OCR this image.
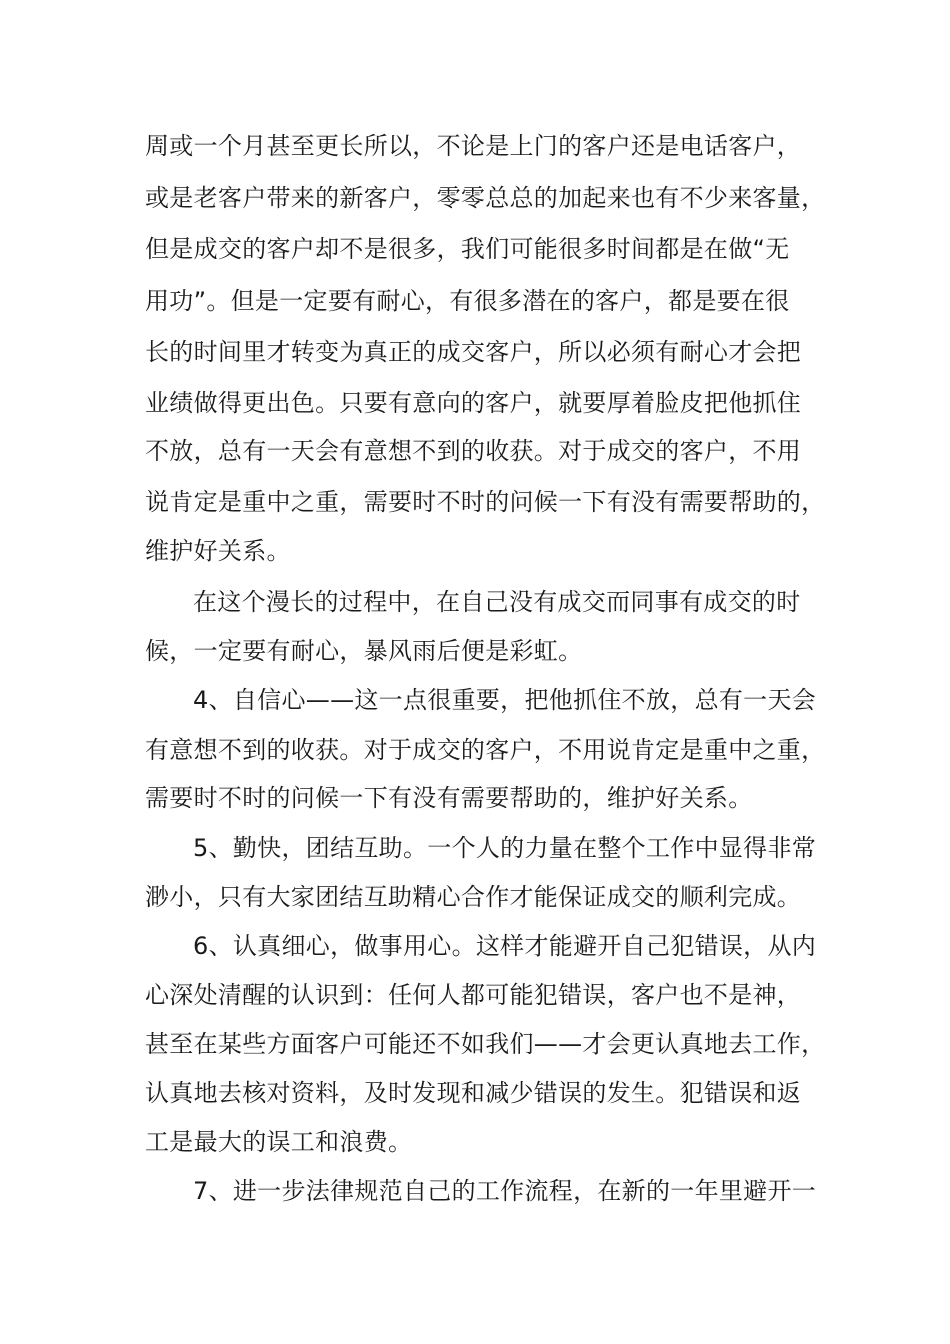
周或一个月甚至更长所以，不论是上门的客户还是电话客户，
或是老客户带来的新客户，零零总总的加起来也有不少来客量，
但是成交的客户却不是很多，我们可能很多时间都是在做“无
用功”。但是一定要有耐心，有很多潜在的客户，都是要在很
长的时间里才转变为真正的成交客户，所以必须有耐心才会把
业绩做得更出色。只要有意向的客户，就要厚着脸皮把他抓住
不放，总有一天会有意想不到的收获。对于成交的客户，不用
说肯定是重中之重，需要时不时的问候一下有没有需要帮助的，
维护好关系。
在这个漫长的过程中，在自己没有成交而同事有成交的时
候，一定要有耐心，暴风雨后便是彩虹。
4、自信心——这一点很重要，把他抓住不放，总有一天会
有意想不到的收获。对于成交的客户，不用说肯定是重中之重，
需要时不时的问候一下有没有需要帮助的，维护好关系。
5、勤快，团结互助。一个人的力量在整个工作中显得非常
渺小，只有大家团结互助精心合作才能保证成交的顺利完成。
6、认真细心，做事用心。这样才能避开自己犯错误，从内
心深处清醒的认识到：任何人都可能犯错误，客户也不是神，
甚至在某些方面客户可能还不如我们——才会更认真地去工作，
认真地去核对资料，及时发现和减少错误的发生。犯错误和返
工是最大的误工和浪费。
7、进一步法律规范自己的工作流程，在新的一年里避开一
